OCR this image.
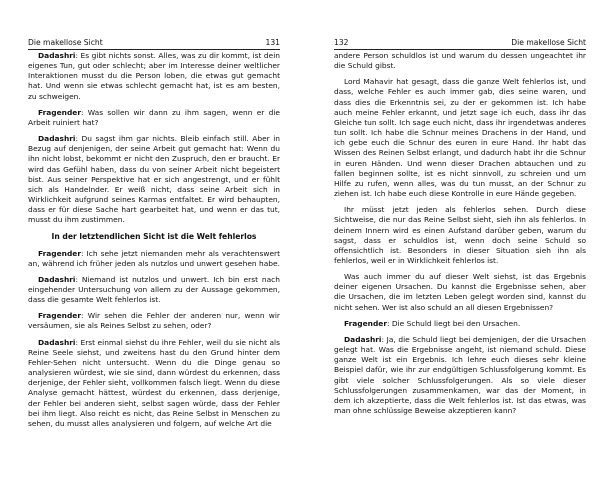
Die makellose Sicht	131

Dadashri: Es gibt nichts sonst. Alles, was zu dir kommt, ist dein eigenes Tun, gut oder schlecht; aber im Interesse deiner weltlicher Interaktionen musst du die Person loben, die etwas gut gemacht hat. Und wenn sie etwas schlecht gemacht hat, ist es am besten, zu schweigen.

Fragender: Was sollen wir dann zu ihm sagen, wenn er die Arbeit ruiniert hat?

Dadashri: Du sagst ihm gar nichts. Bleib einfach still. Aber in Bezug auf denjenigen, der seine Arbeit gut gemacht hat: Wenn du ihn nicht lobst, bekommt er nicht den Zuspruch, den er braucht. Er wird das Gefühl haben, dass du von seiner Arbeit nicht begeistert bist. Aus seiner Perspektive hat er sich angestrengt, und er fühlt sich als Handelnder. Er weiß nicht, dass seine Arbeit sich in Wirklichkeit aufgrund seines Karmas entfaltet. Er wird behaupten, dass er für diese Sache hart gearbeitet hat, und wenn er das tut, musst du ihm zustimmen.

In der letztendlichen Sicht ist die Welt fehlerlos

Fragender: Ich sehe jetzt niemanden mehr als verachtenswert an, während ich früher jeden als nutzlos und unwert gesehen habe.

Dadashri: Niemand ist nutzlos und unwert. Ich bin erst nach eingehender Untersuchung von allem zu der Aussage gekommen, dass die gesamte Welt fehlerlos ist.

Fragender: Wir sehen die Fehler der anderen nur, wenn wir versäumen, sie als Reines Selbst zu sehen, oder?

Dadashri: Erst einmal siehst du ihre Fehler, weil du sie nicht als Reine Seele siehst, und zweitens hast du den Grund hinter dem Fehler-Sehen nicht untersucht. Wenn du die Dinge genau so analysieren würdest, wie sie sind, dann würdest du erkennen, dass derjenige, der Fehler sieht, vollkommen falsch liegt. Wenn du diese Analyse gemacht hättest, würdest du erkennen, dass derjenige, der Fehler bei anderen sieht, selbst sagen würde, dass der Fehler bei ihm liegt. Also reicht es nicht, das Reine Selbst in Menschen zu sehen, du musst alles analysieren und folgern, auf welche Art die

132	Die makellose Sicht

andere Person schuldlos ist und warum du dessen ungeachtet ihr die Schuld gibst.

Lord Mahavir hat gesagt, dass die ganze Welt fehlerlos ist, und dass, welche Fehler es auch immer gab, dies seine waren, und dass dies die Erkenntnis sei, zu der er gekommen ist. Ich habe auch meine Fehler erkannt, und jetzt sage ich euch, dass ihr das Gleiche tun sollt. Ich sage euch nicht, dass ihr irgendetwas anderes tun sollt. Ich habe die Schnur meines Drachens in der Hand, und ich gebe euch die Schnur des euren in eure Hand. Ihr habt das Wissen des Reinen Selbst erlangt, und dadurch habt ihr die Schnur in euren Händen. Und wenn dieser Drachen abtauchen und zu fallen beginnen sollte, ist es nicht sinnvoll, zu schreien und um Hilfe zu rufen, wenn alles, was du tun musst, an der Schnur zu ziehen ist. Ich habe euch diese Kontrolle in eure Hände gegeben.

Ihr müsst jetzt jeden als fehlerlos sehen. Durch diese Sichtweise, die nur das Reine Selbst sieht, sieh ihn als fehlerlos. In deinem Innern wird es einen Aufstand darüber geben, warum du sagst, dass er schuldlos ist, wenn doch seine Schuld so offensichtlich ist. Besonders in dieser Situation sieh ihn als fehlerlos, weil er in Wirklichkeit fehlerlos ist.

Was auch immer du auf dieser Welt siehst, ist das Ergebnis deiner eigenen Ursachen. Du kannst die Ergebnisse sehen, aber die Ursachen, die im letzten Leben gelegt worden sind, kannst du nicht sehen. Wer ist also schuld an all diesen Ergebnissen?

Fragender: Die Schuld liegt bei den Ursachen.

Dadashri: Ja, die Schuld liegt bei demjenigen, der die Ursachen gelegt hat. Was die Ergebnisse angeht, ist niemand schuld. Diese ganze Welt ist ein Ergebnis. Ich lehre euch dieses sehr kleine Beispiel dafür, wie ihr zur endgültigen Schlussfolgerung kommt. Es gibt viele solcher Schlussfolgerungen. Als so viele dieser Schlussfolgerungen zusammenkamen, war das der Moment, in dem ich akzeptierte, dass die Welt fehlerlos ist. Ist das etwas, was man ohne schlüssige Beweise akzeptieren kann?
